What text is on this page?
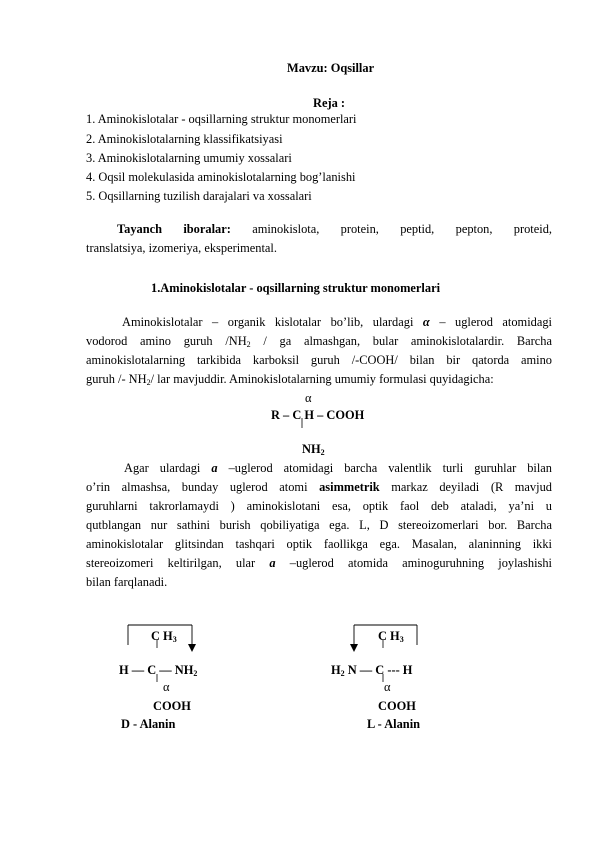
Mavzu: Oqsillar
Reja :
1. Aminokislotalar - oqsillarning struktur monomerlari
2. Aminokislotalarning klassifikatsiyasi
3. Aminokislotalarning umumiy xossalari
4. Oqsil molekulasida aminokislotalarning bog’lanishi
5. Oqsillarning tuzilish darajalari va xossalari
Tayanch iboralar: aminokislota, protein, peptid, pepton, proteid,
translatsiya, izomeriya, eksperimental.
1.Aminokislotalar - oqsillarning struktur monomerlari
Aminokislotalar – organik kislotalar bo’lib, ulardagi α – uglerod atomidagi
vodorod amino guruh $/NH_2$ / ga almashgan, bular aminokislotalardir. Barcha
aminokislotalarning tarkibida karboksil guruh /-COOH/ bilan bir qatorda amino
guruh /- $NH_2/$ lar mavjuddir. Aminokislotalarning umumiy formulasi quyidagicha:
α
R – C H – COOH
$NH_2$
Agar ulardagi a –uglerod atomidagi barcha valentlik turli guruhlar bilan
o’rin almashsa, bunday uglerod atomi asimmetrik markaz deyiladi (R mavjud
guruhlarni takrorlamaydi ) aminokislotani esa, optik faol deb ataladi, ya’ni u
qutblangan nur sathini burish qobiliyatiga ega. L, D stereoizomerlari bor. Barcha
aminokislotalar glitsindan tashqari optik faollikga ega. Masalan, alaninning ikki
stereoizomeri keltirilgan, ular a –uglerod atomida aminoguruhning joylashishi
bilan farqlanadi.
C $H_3$
H — C — $NH_2$
α
COOH
D - Alanin
C $H_3$
$H_2$ N — C --- H
α
COOH
L - Alanin
